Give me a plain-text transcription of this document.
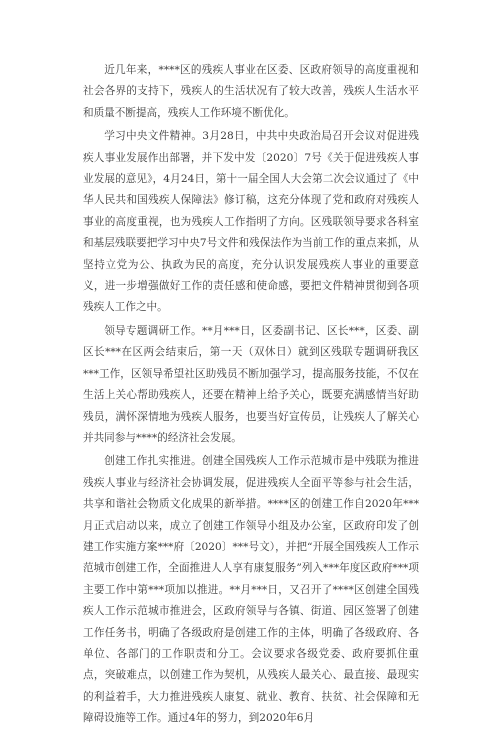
近几年来，****区的残疾人事业在区委、区政府领导的高度重视和社会各界的支持下，残疾人的生活状况有了较大改善，残疾人生活水平和质量不断提高，残疾人工作环境不断优化。

学习中央文件精神。3月28日，中共中央政治局召开会议对促进残疾人事业发展作出部署，并下发中发〔2020〕7号《关于促进残疾人事业发展的意见》，4月24日，第十一届全国人大会第二次会议通过了《中华人民共和国残疾人保障法》修订稿，这充分体现了党和政府对残疾人事业的高度重视，也为残疾人工作指明了方向。区残联领导要求各科室和基层残联要把学习中央7号文件和残保法作为当前工作的重点来抓，从坚持立党为公、执政为民的高度，充分认识发展残疾人事业的重要意义，进一步增强做好工作的责任感和使命感，要把文件精神贯彻到各项残疾人工作之中。

领导专题调研工作。**月***日，区委副书记、区长***，区委、副区长***在区两会结束后，第一天（双休日）就到区残联专题调研我区***工作，区领导希望社区助残员不断加强学习，提高服务技能，不仅在生活上关心帮助残疾人，还要在精神上给予关心，既要充满感情当好助残员，满怀深情地为残疾人服务，也要当好宣传员，让残疾人了解关心并共同参与****的经济社会发展。

创建工作扎实推进。创建全国残疾人工作示范城市是中残联为推进残疾人事业与经济社会协调发展，促进残疾人全面平等参与社会生活，共享和谐社会物质文化成果的新举措。****区的创建工作自2020年***月正式启动以来，成立了创建工作领导小组及办公室，区政府印发了创建工作实施方案***府〔2020〕***号文），并把“开展全国残疾人工作示范城市创建工作，全面推进人人享有康复服务”列入***年度区政府***项主要工作中第***项加以推进。**月***日，又召开了****区创建全国残疾人工作示范城市推进会，区政府领导与各镇、街道、园区签署了创建工作任务书，明确了各级政府是创建工作的主体，明确了各级政府、各单位、各部门的工作职责和分工。会议要求各级党委、政府要抓住重点，突破难点，以创建工作为契机，从残疾人最关心、最直接、最现实的利益着手，大力推进残疾人康复、就业、教育、扶贫、社会保障和无障碍设施等工作。通过4年的努力，到2020年6月
